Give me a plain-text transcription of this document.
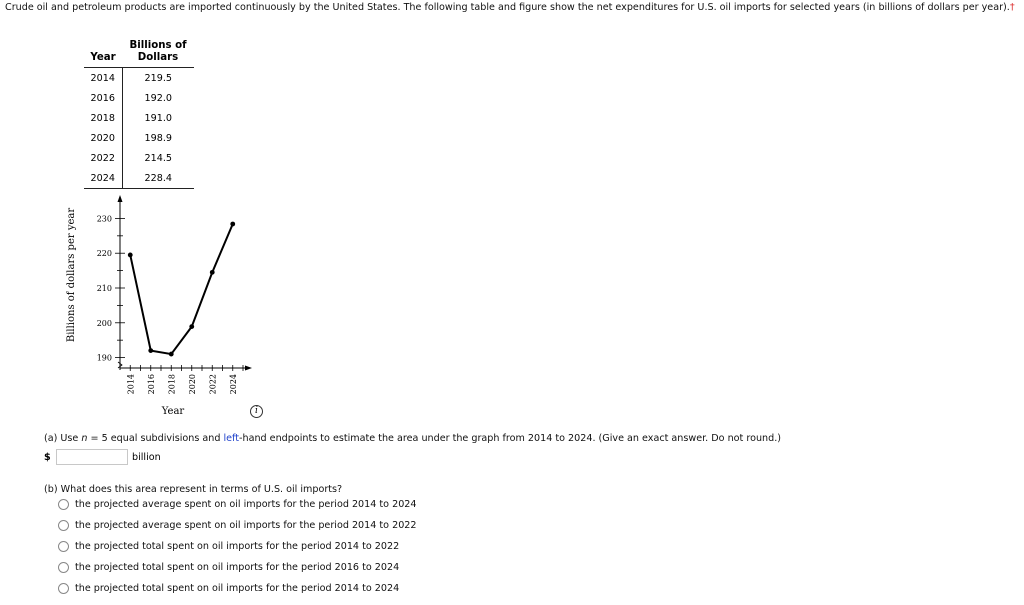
Crude oil and petroleum products are imported continuously by the United States. The following table and figure show the net expenditures for U.S. oil imports for selected years (in billions of dollars per year).†
Year	Billions of
Dollars

2014	219.5
2016	192.0
2018	191.0
2020	198.9
2022	214.5
2024	228.4
190
200
210
220
230
2014 2016 2018 2020 2022 2024
Billions of dollars per year
Year	i
(a) Use n = 5 equal subdivisions and left-hand endpoints to estimate the area under the graph from 2014 to 2024. (Give an exact answer. Do not round.)
$	billion
(b) What does this area represent in terms of U.S. oil imports?
the projected average spent on oil imports for the period 2014 to 2024
the projected average spent on oil imports for the period 2014 to 2022
the projected total spent on oil imports for the period 2014 to 2022
the projected total spent on oil imports for the period 2016 to 2024
the projected total spent on oil imports for the period 2014 to 2024
